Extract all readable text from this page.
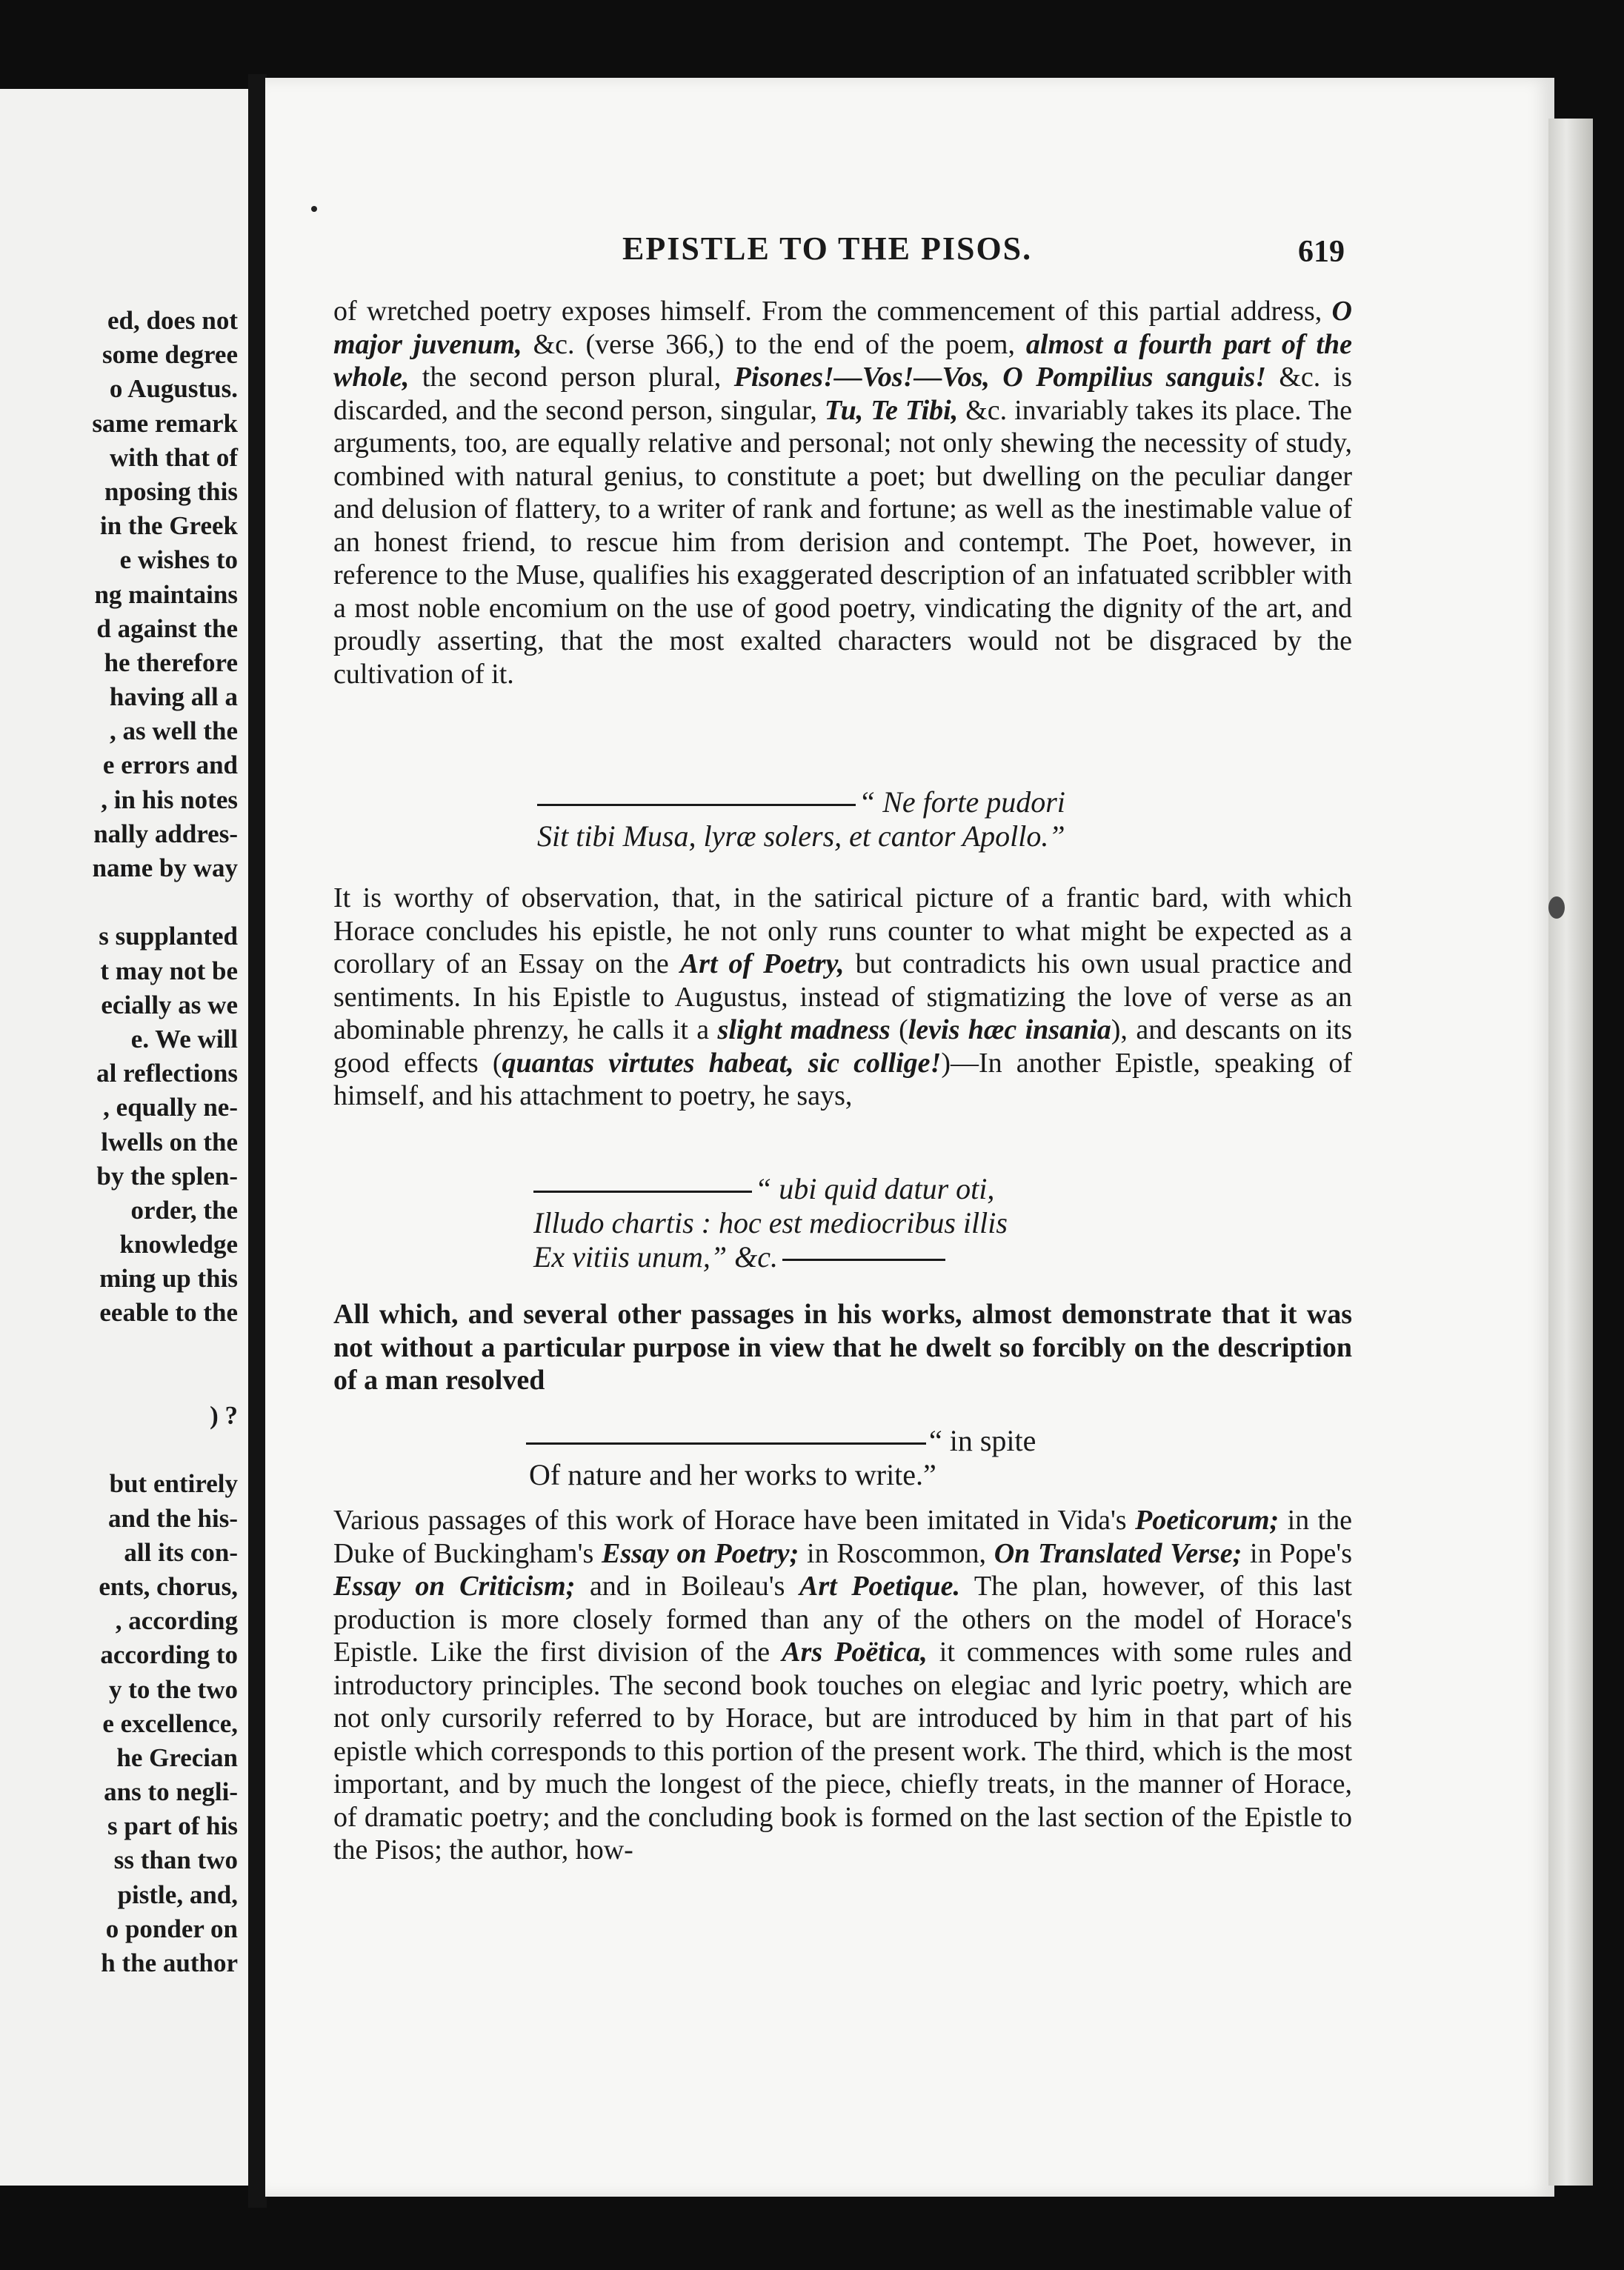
ed, does not
some degree
o Augustus.
same remark
with that of
nposing this
in the Greek
e wishes to
ng maintains
d against the
he therefore
having all a
, as well the
e errors and
, in his notes
nally addres-
name by way
s supplanted
t may not be
ecially as we
e. We will
al reflections
, equally ne-
lwells on the
by the splen-
order, the
knowledge
ming up this
eeable to the
) ?
but entirely
and the his-
all its con-
ents, chorus,
, according
according to
y to the two
e excellence,
he Grecian
ans to negli-
s part of his
ss than two
pistle, and,
o ponder on
h the author
EPISTLE TO THE PISOS.	619

of wretched poetry exposes himself. From the commencement of this partial address, O major juvenum, &c. (verse 366,) to the end of the poem, almost a fourth part of the whole, the second person plural, Pisones!—Vos!—Vos, O Pompilius sanguis! &c. is discarded, and the second person, singular, Tu, Te Tibi, &c. invariably takes its place. The arguments, too, are equally relative and personal; not only shewing the necessity of study, combined with natural genius, to constitute a poet; but dwelling on the peculiar danger and delusion of flattery, to a writer of rank and fortune; as well as the inestimable value of an honest friend, to rescue him from derision and contempt. The Poet, however, in reference to the Muse, qualifies his exaggerated description of an infatuated scribbler with a most noble encomium on the use of good poetry, vindicating the dignity of the art, and proudly asserting, that the most exalted characters would not be disgraced by the cultivation of it.

“ Ne forte pudori
Sit tibi Musa, lyræ solers, et cantor Apollo.”

It is worthy of observation, that, in the satirical picture of a frantic bard, with which Horace concludes his epistle, he not only runs counter to what might be expected as a corollary of an Essay on the Art of Poetry, but contradicts his own usual practice and sentiments. In his Epistle to Augustus, instead of stigmatizing the love of verse as an abominable phrenzy, he calls it a slight madness (levis hæc insania), and descants on its good effects (quantas virtutes habeat, sic collige!)—In another Epistle, speaking of himself, and his attachment to poetry, he says,

“ ubi quid datur oti,
Illudo chartis : hoc est mediocribus illis
Ex vitiis unum,” &c.

All which, and several other passages in his works, almost demonstrate that it was not without a particular purpose in view that he dwelt so forcibly on the description of a man resolved

“ in spite
Of nature and her works to write.”

Various passages of this work of Horace have been imitated in Vida's Poeticorum; in the Duke of Buckingham's Essay on Poetry; in Roscommon, On Translated Verse; in Pope's Essay on Criticism; and in Boileau's Art Poetique. The plan, however, of this last production is more closely formed than any of the others on the model of Horace's Epistle. Like the first division of the Ars Poëtica, it commences with some rules and introductory principles. The second book touches on elegiac and lyric poetry, which are not only cursorily referred to by Horace, but are introduced by him in that part of his epistle which corresponds to this portion of the present work. The third, which is the most important, and by much the longest of the piece, chiefly treats, in the manner of Horace, of dramatic poetry; and the concluding book is formed on the last section of the Epistle to the Pisos; the author, how-
